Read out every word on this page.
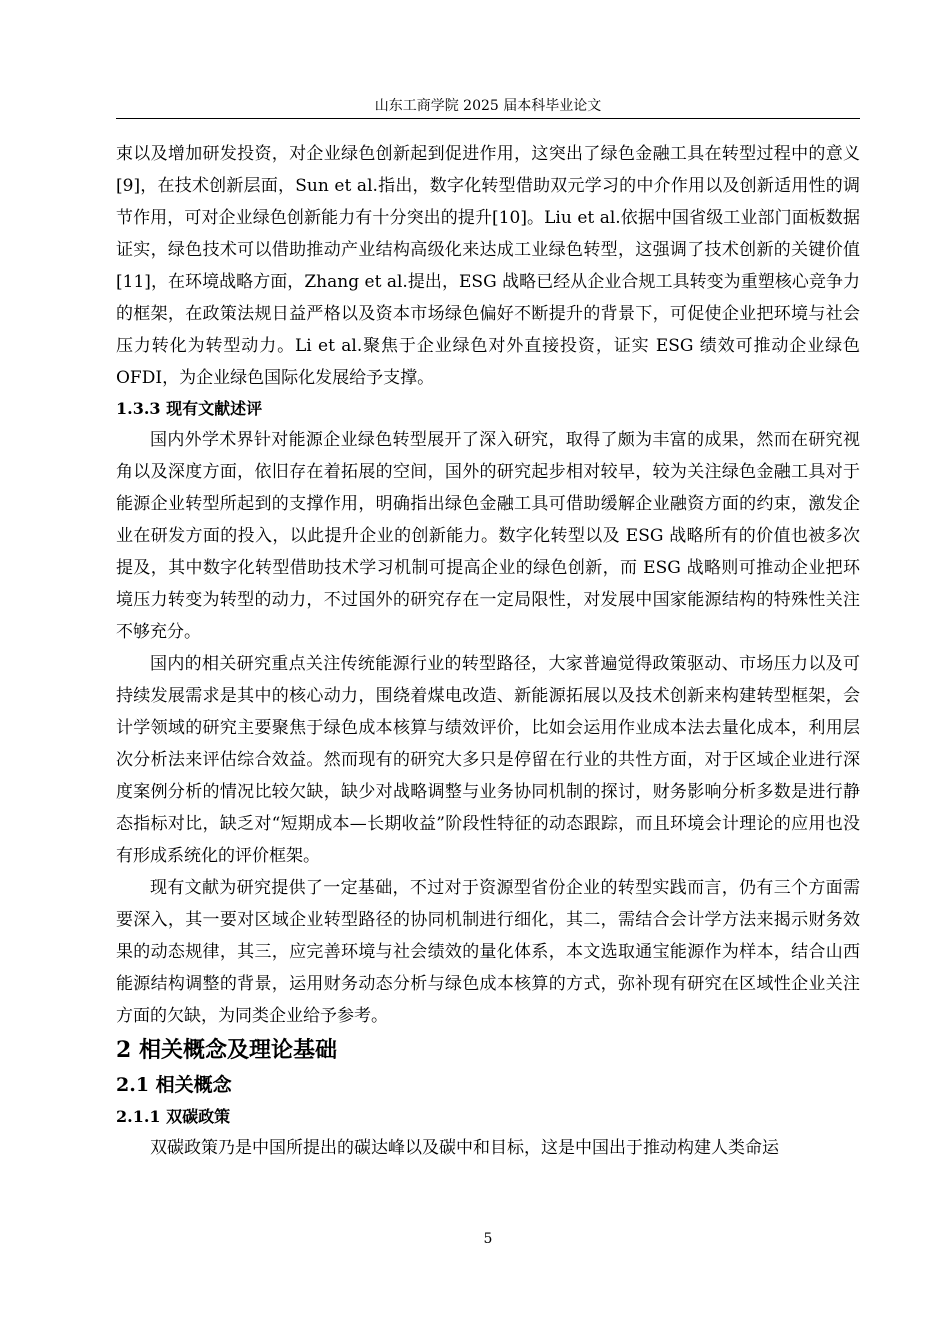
山东工商学院 2025 届本科毕业论文

束以及增加研发投资，对企业绿色创新起到促进作用，这突出了绿色金融工具在转型过程中的意义[9]，在技术创新层面，Sun et al.指出，数字化转型借助双元学习的中介作用以及创新适用性的调节作用，可对企业绿色创新能力有十分突出的提升[10]。Liu et al.依据中国省级工业部门面板数据证实，绿色技术可以借助推动产业结构高级化来达成工业绿色转型，这强调了技术创新的关键价值[11]，在环境战略方面，Zhang et al.提出，ESG 战略已经从企业合规工具转变为重塑核心竞争力的框架，在政策法规日益严格以及资本市场绿色偏好不断提升的背景下，可促使企业把环境与社会压力转化为转型动力。Li et al.聚焦于企业绿色对外直接投资，证实 ESG 绩效可推动企业绿色 OFDI，为企业绿色国际化发展给予支撑。

1.3.3 现有文献述评

国内外学术界针对能源企业绿色转型展开了深入研究，取得了颇为丰富的成果，然而在研究视角以及深度方面，依旧存在着拓展的空间，国外的研究起步相对较早，较为关注绿色金融工具对于能源企业转型所起到的支撑作用，明确指出绿色金融工具可借助缓解企业融资方面的约束，激发企业在研发方面的投入，以此提升企业的创新能力。数字化转型以及 ESG 战略所有的价值也被多次提及，其中数字化转型借助技术学习机制可提高企业的绿色创新，而 ESG 战略则可推动企业把环境压力转变为转型的动力，不过国外的研究存在一定局限性，对发展中国家能源结构的特殊性关注不够充分。

国内的相关研究重点关注传统能源行业的转型路径，大家普遍觉得政策驱动、市场压力以及可持续发展需求是其中的核心动力，围绕着煤电改造、新能源拓展以及技术创新来构建转型框架，会计学领域的研究主要聚焦于绿色成本核算与绩效评价，比如会运用作业成本法去量化成本，利用层次分析法来评估综合效益。然而现有的研究大多只是停留在行业的共性方面，对于区域企业进行深度案例分析的情况比较欠缺，缺少对战略调整与业务协同机制的探讨，财务影响分析多数是进行静态指标对比，缺乏对“短期成本—长期收益”阶段性特征的动态跟踪，而且环境会计理论的应用也没有形成系统化的评价框架。

现有文献为研究提供了一定基础，不过对于资源型省份企业的转型实践而言，仍有三个方面需要深入，其一要对区域企业转型路径的协同机制进行细化，其二，需结合会计学方法来揭示财务效果的动态规律，其三，应完善环境与社会绩效的量化体系，本文选取通宝能源作为样本，结合山西能源结构调整的背景，运用财务动态分析与绿色成本核算的方式，弥补现有研究在区域性企业关注方面的欠缺，为同类企业给予参考。

2 相关概念及理论基础

2.1 相关概念

2.1.1 双碳政策

双碳政策乃是中国所提出的碳达峰以及碳中和目标，这是中国出于推动构建人类命运

5
